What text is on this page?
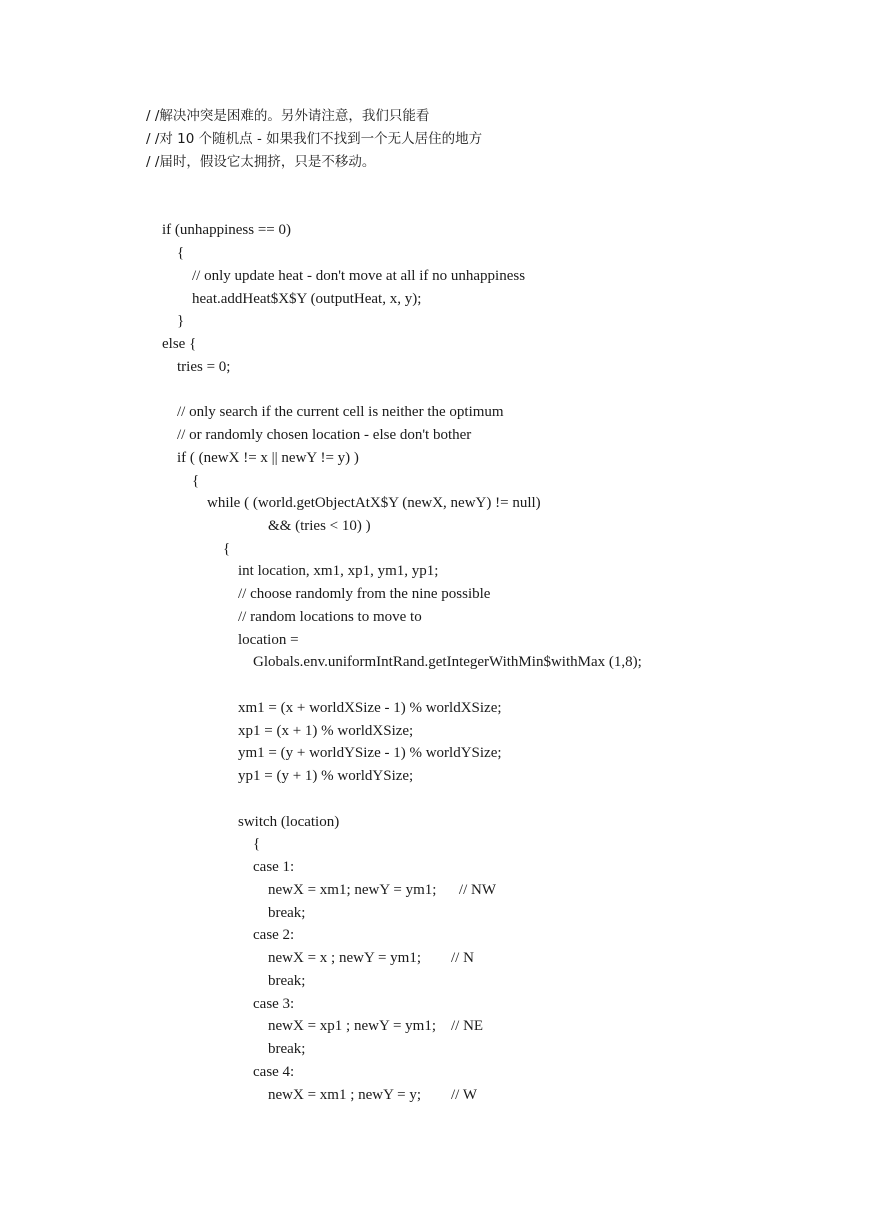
/ /解决冲突是困难的。另外请注意，我们只能看
/ /对 10 个随机点 - 如果我们不找到一个无人居住的地方
/ /届时，假设它太拥挤，只是不移动。
if (unhappiness == 0)
{
// only update heat - don't move at all if no unhappiness
heat.addHeat$X$Y (outputHeat, x, y);
}
else {
tries = 0;
// only search if the current cell is neither the optimum
// or randomly chosen location - else don't bother
if ( (newX != x || newY != y) )
{
while ( (world.getObjectAtX$Y (newX, newY) != null)
&& (tries < 10) )
{
int location, xm1, xp1, ym1, yp1;
// choose randomly from the nine possible
// random locations to move to
location =
Globals.env.uniformIntRand.getIntegerWithMin$withMax (1,8);
xm1 = (x + worldXSize - 1) % worldXSize;
xp1 = (x + 1) % worldXSize;
ym1 = (y + worldYSize - 1) % worldYSize;
yp1 = (y + 1) % worldYSize;
switch (location)
{
case 1:
newX = xm1; newY = ym1;      // NW
break;
case 2:
newX = x ; newY = ym1;        // N
break;
case 3:
newX = xp1 ; newY = ym1;    // NE
break;
case 4:
newX = xm1 ; newY = y;        // W
